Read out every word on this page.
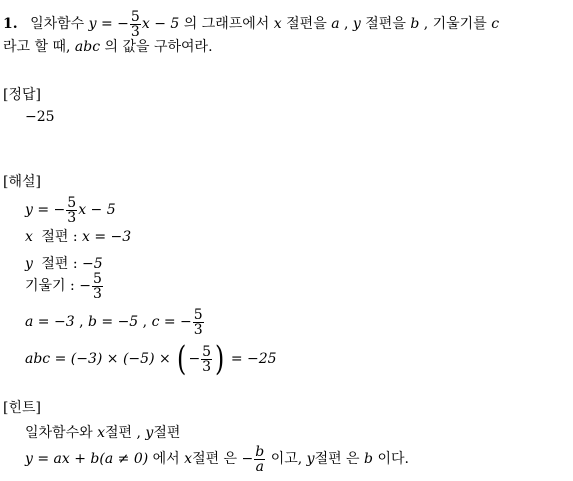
1. 일차함수 y = − $\frac{5}{3}$ x − 5 의 그래프에서 x 절편을 a , y 절편을 b , 기울기를 c
라고 할 때, abc 의 값을 구하여라.
[정답]
−25
[해설]
y = − $\frac{5}{3}$ x − 5
x 절편 : x = −3
y 절편 : −5
기울기 : − $\frac{5}{3}$
a = −3 , b = −5 , c = − $\frac{5}{3}$
abc = (−3) × (−5) × ( − $\frac{5}{3}$ ) = −25
[힌트]
일차함수와 x절편 , y절편
y = ax + b(a ≠ 0) 에서 x절편 은 − $\frac{b}{a}$ 이고, y절편 은 b 이다.
